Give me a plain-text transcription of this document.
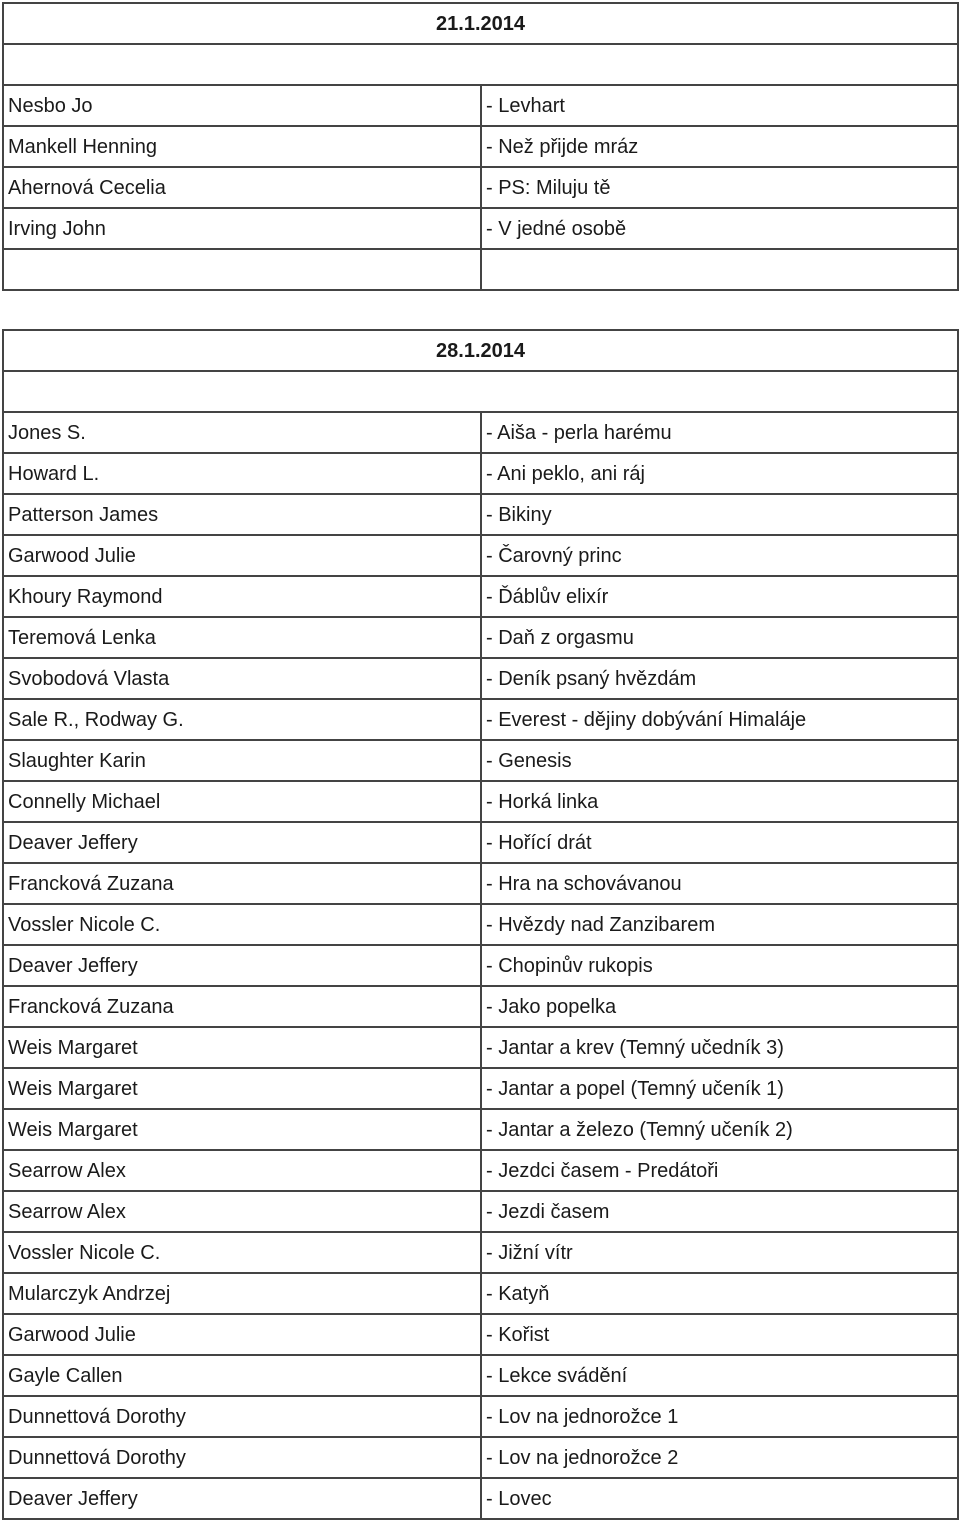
21.1.2014	

Nesbo Jo	- Levhart
Mankell Henning	- Než přijde mráz
Ahernová Cecelia	- PS: Miluju tě
Irving John	- V jedné osobě

28.1.2014	

Jones S.	- Aiša - perla harému
Howard L.	- Ani peklo, ani ráj
Patterson James	- Bikiny
Garwood Julie	- Čarovný princ
Khoury Raymond	- Ďáblův elixír
Teremová Lenka	- Daň z orgasmu
Svobodová Vlasta	- Deník psaný hvězdám
Sale R., Rodway G.	- Everest - dějiny dobývání Himaláje
Slaughter Karin	- Genesis
Connelly Michael	- Horká linka
Deaver Jeffery	- Hořící drát
Francková Zuzana	- Hra na schovávanou
Vossler Nicole C.	- Hvězdy nad Zanzibarem
Deaver Jeffery	- Chopinův rukopis
Francková Zuzana	- Jako popelka
Weis Margaret	- Jantar a krev (Temný učedník 3)
Weis Margaret	- Jantar a popel (Temný učeník 1)
Weis Margaret	- Jantar a železo (Temný učeník 2)
Searrow Alex	- Jezdci časem - Predátoři
Searrow Alex	- Jezdi časem
Vossler Nicole C.	- Jižní vítr
Mularczyk Andrzej	- Katyň
Garwood Julie	- Kořist
Gayle Callen	- Lekce svádění
Dunnettová Dorothy	- Lov na jednorožce 1
Dunnettová Dorothy	- Lov na jednorožce 2
Deaver Jeffery	- Lovec
